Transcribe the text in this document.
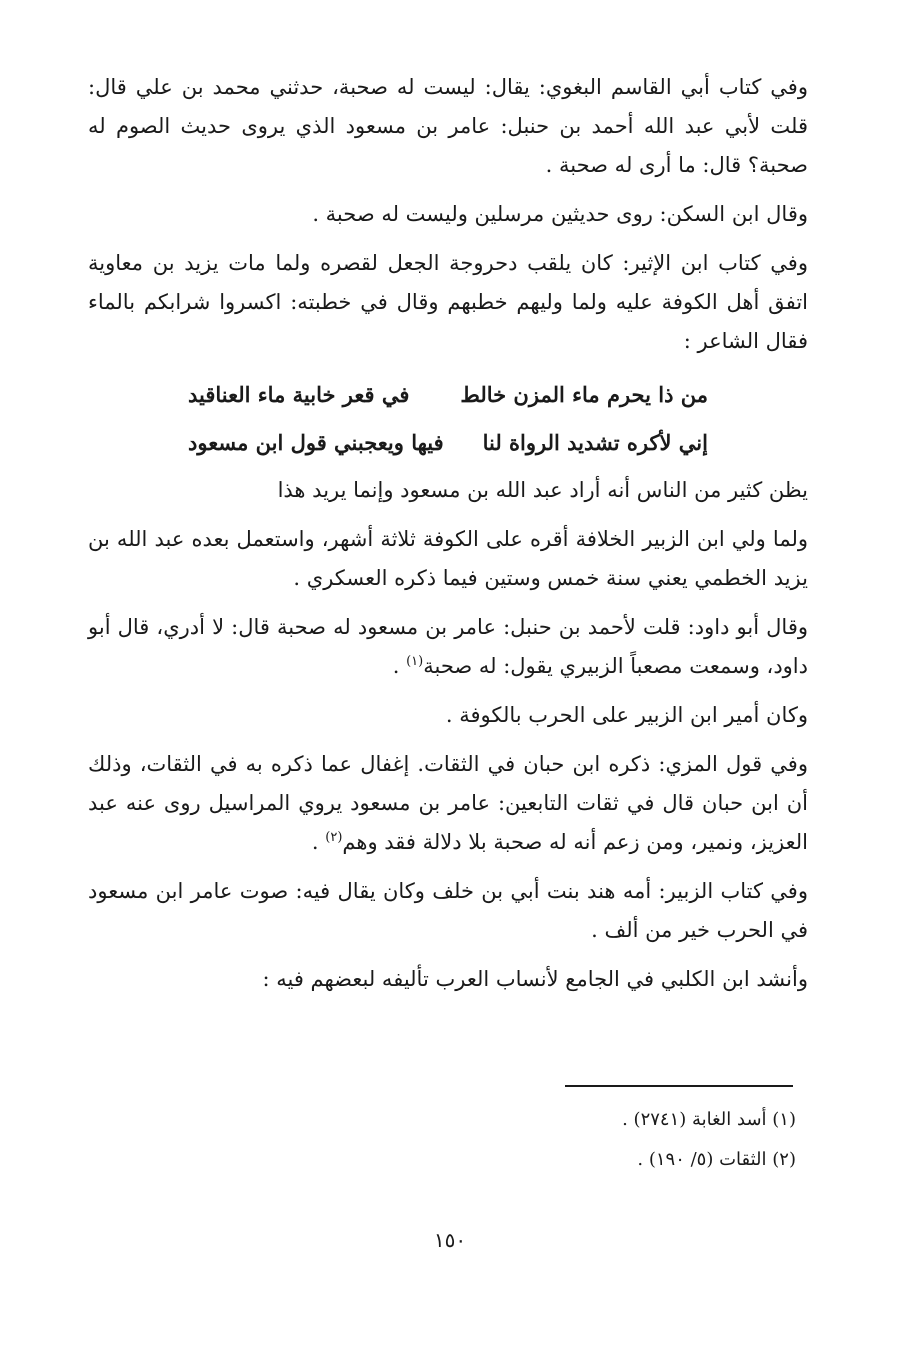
وفي كتاب أبي القاسم البغوي: يقال: ليست له صحبة، حدثني محمد بن علي قال: قلت لأبي عبد الله أحمد بن حنبل: عامر بن مسعود الذي يروى حديث الصوم له صحبة؟ قال: ما أرى له صحبة .

وقال ابن السكن: روى حديثين مرسلين وليست له صحبة .

وفي كتاب ابن الإثير: كان يلقب دحروجة الجعل لقصره ولما مات يزيد بن معاوية اتفق أهل الكوفة عليه ولما وليهم خطبهم وقال في خطبته: اكسروا شرابكم بالماء فقال الشاعر :

من ذا يحرم ماء المزن خالط
في قعر خابية ماء العناقيد
إني لأكره تشديد الرواة لنا
فيها ويعجبني قول ابن مسعود

يظن كثير من الناس أنه أراد عبد الله بن مسعود وإنما يريد هذا

ولما ولي ابن الزبير الخلافة أقره على الكوفة ثلاثة أشهر، واستعمل بعده عبد الله بن يزيد الخطمي يعني سنة خمس وستين فيما ذكره العسكري .

وقال أبو داود: قلت لأحمد بن حنبل: عامر بن مسعود له صحبة قال: لا أدري، قال أبو داود، وسمعت مصعباً الزبيري يقول: له صحبة$^{(١)}$ .

وكان أمير ابن الزبير على الحرب بالكوفة .

وفي قول المزي: ذكره ابن حبان في الثقات. إغفال عما ذكره به في الثقات، وذلك أن ابن حبان قال في ثقات التابعين: عامر بن مسعود يروي المراسيل روى عنه عبد العزيز، ونمير، ومن زعم أنه له صحبة بلا دلالة فقد وهم$^{(٢)}$ .

وفي كتاب الزبير: أمه هند بنت أبي بن خلف وكان يقال فيه: صوت عامر ابن مسعود في الحرب خير من ألف .

وأنشد ابن الكلبي في الجامع لأنساب العرب تأليفه لبعضهم فيه :

(١) أسد الغابة (٢٧٤١) .
(٢) الثقات (٥/ ١٩٠) .
١٥٠
